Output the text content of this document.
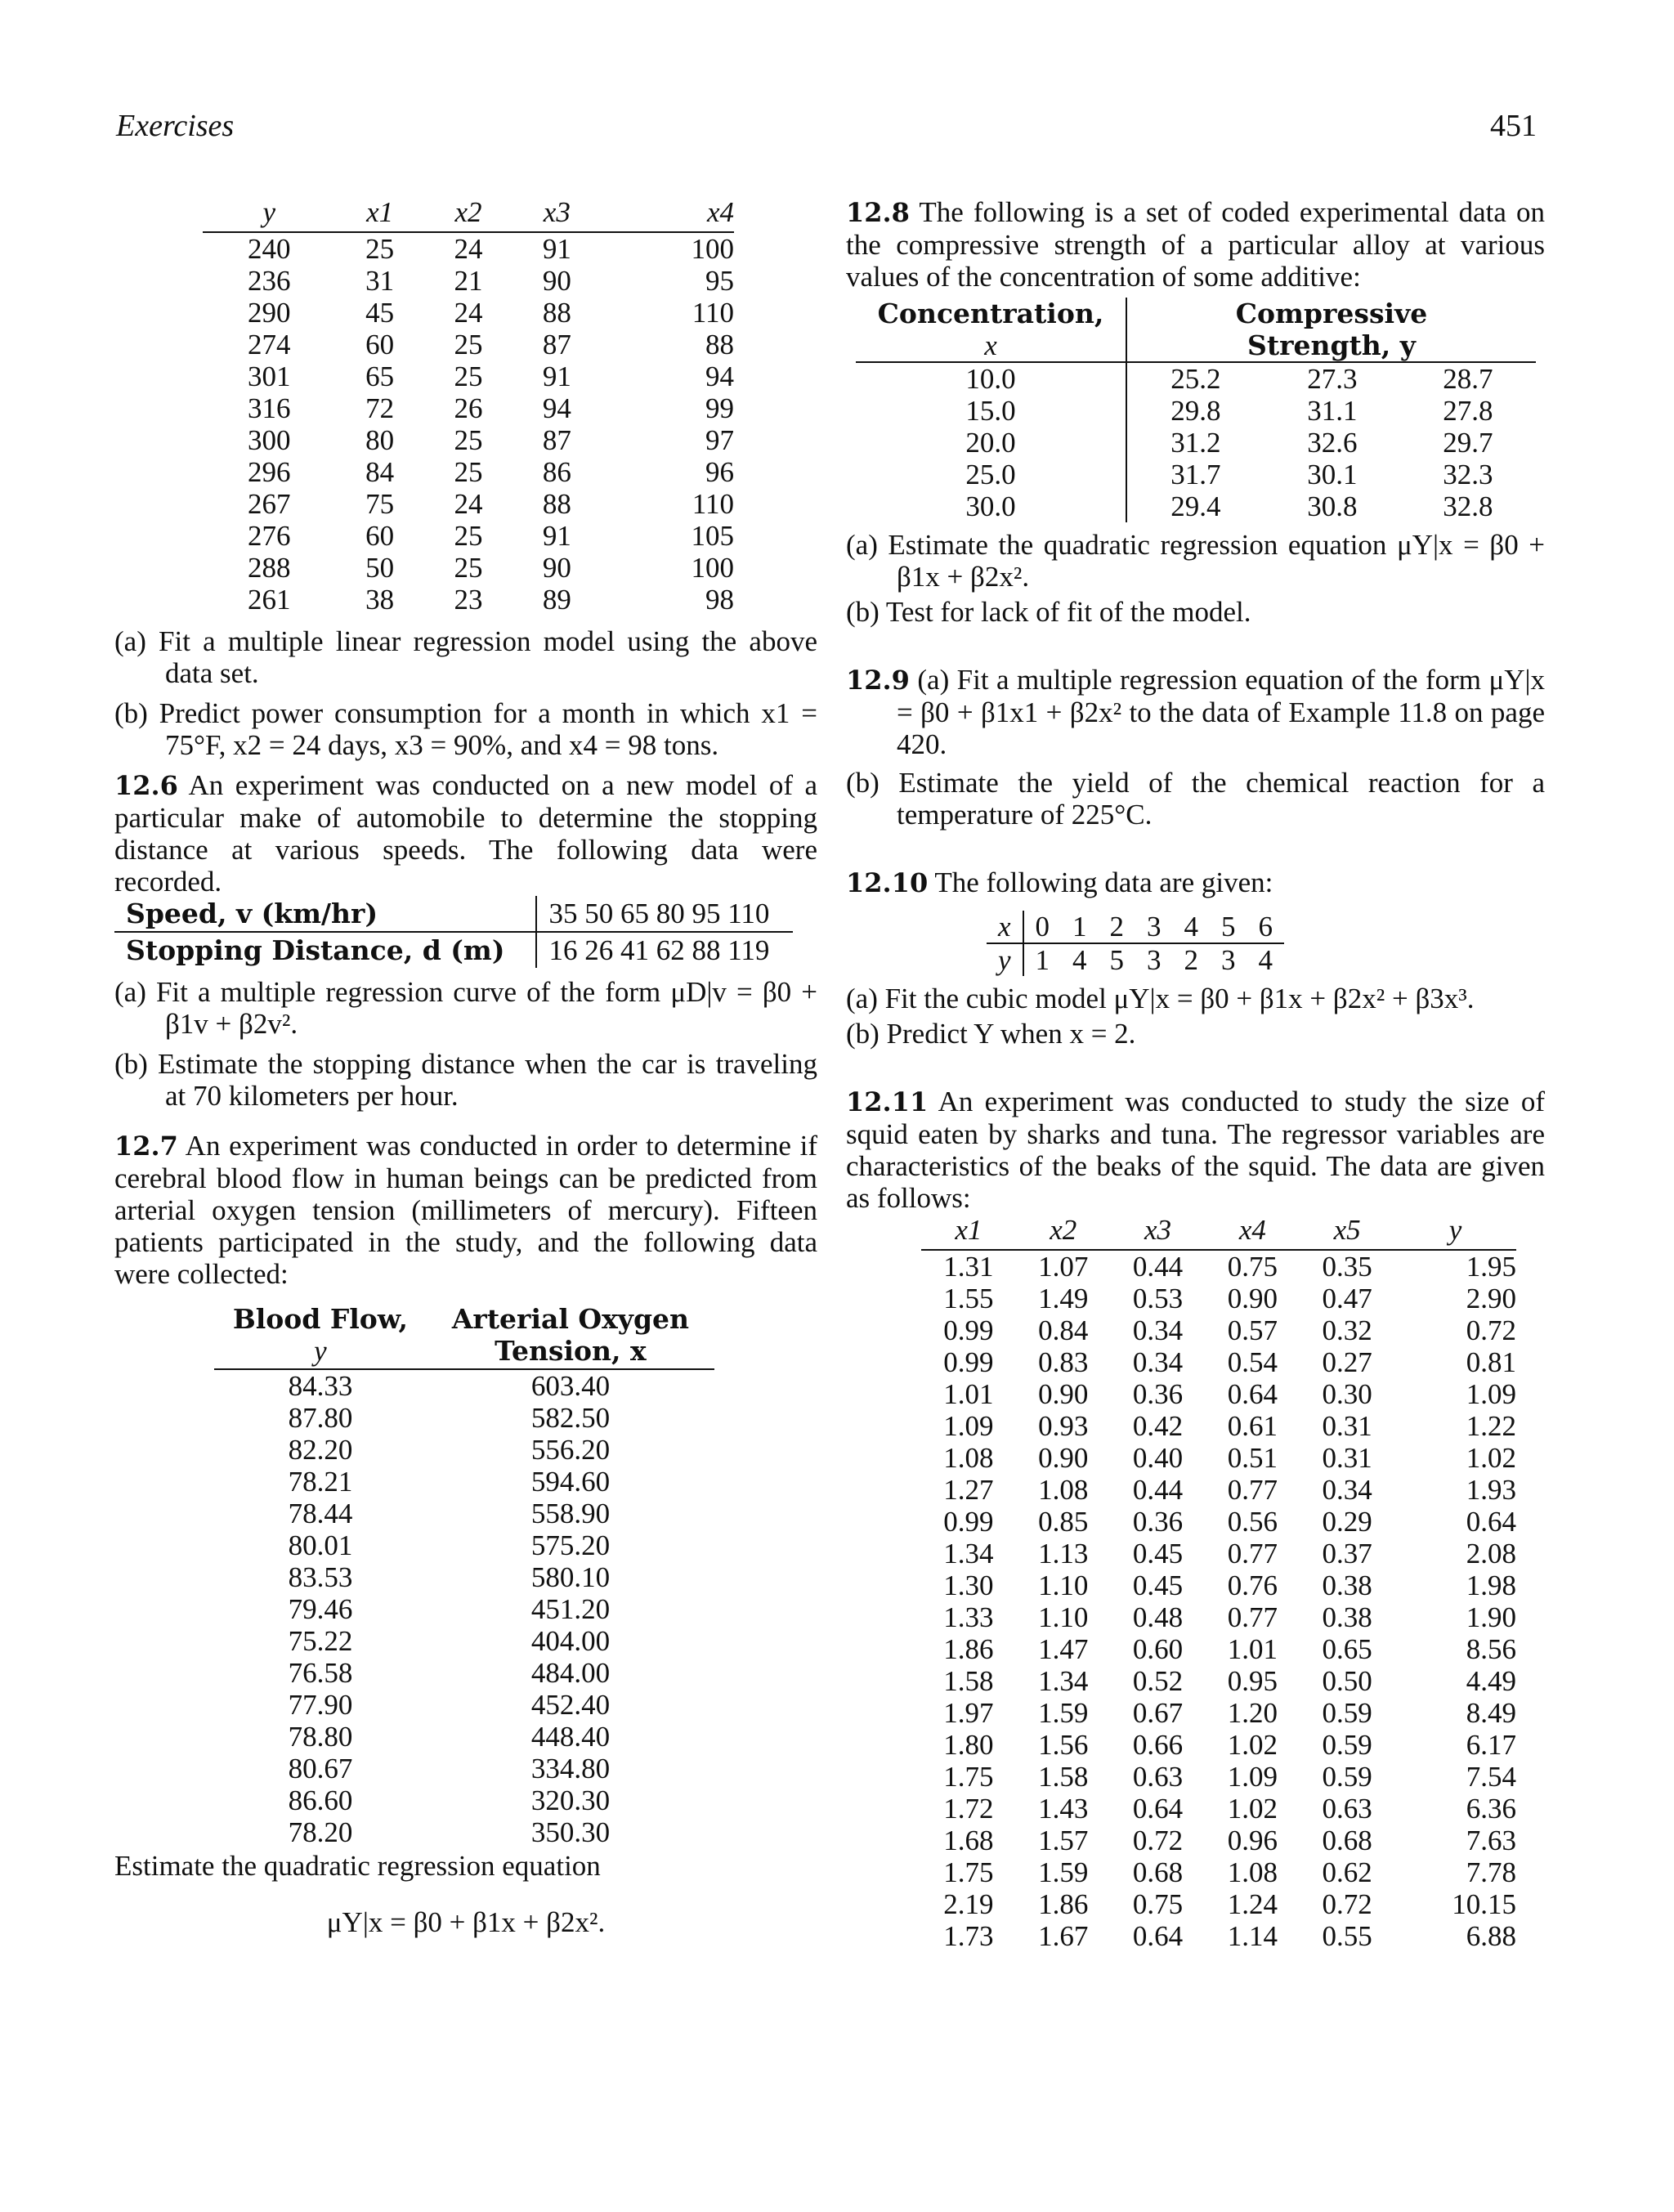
Exercises	451
y	x1	x2	x3	x4
240	25	24	91	100
236	31	21	90	95
290	45	24	88	110
274	60	25	87	88
301	65	25	91	94
316	72	26	94	99
300	80	25	87	97
296	84	25	86	96
267	75	24	88	110
276	60	25	91	105
288	50	25	90	100
261	38	23	89	98

(a) Fit a multiple linear regression model using the above data set.

(b) Predict power consumption for a month in which x1 = 75°F, x2 = 24 days, x3 = 90%, and x4 = 98 tons.

12.6 An experiment was conducted on a new model of a particular make of automobile to determine the stopping distance at various speeds. The following data were recorded.

Speed, v (km/hr)	35 50 65 80 95 110
Stopping Distance, d (m)	16 26 41 62 88 119

(a) Fit a multiple regression curve of the form μD|v = β0 + β1v + β2v².

(b) Estimate the stopping distance when the car is traveling at 70 kilometers per hour.

12.7 An experiment was conducted in order to determine if cerebral blood flow in human beings can be predicted from arterial oxygen tension (millimeters of mercury). Fifteen patients participated in the study, and the following data were collected:

Blood Flow,	Arterial Oxygen
y	Tension, x
84.33	603.40
87.80	582.50
82.20	556.20
78.21	594.60
78.44	558.90
80.01	575.20
83.53	580.10
79.46	451.20
75.22	404.00
76.58	484.00
77.90	452.40
78.80	448.40
80.67	334.80
86.60	320.30
78.20	350.30

Estimate the quadratic regression equation

μY|x = β0 + β1x + β2x².

12.8 The following is a set of coded experimental data on the compressive strength of a particular alloy at various values of the concentration of some additive:

Concentration,	Compressive		
x	Strength, y		
10.0	25.2	27.3	28.7
15.0	29.8	31.1	27.8
20.0	31.2	32.6	29.7
25.0	31.7	30.1	32.3
30.0	29.4	30.8	32.8

(a) Estimate the quadratic regression equation μY|x = β0 + β1x + β2x².

(b) Test for lack of fit of the model.

12.9 (a) Fit a multiple regression equation of the form μY|x = β0 + β1x1 + β2x² to the data of Example 11.8 on page 420.

(b) Estimate the yield of the chemical reaction for a temperature of 225°C.

12.10 The following data are given:

x	0	1	2	3	4	5	6
y	1	4	5	3	2	3	4

(a) Fit the cubic model μY|x = β0 + β1x + β2x² + β3x³.

(b) Predict Y when x = 2.

12.11 An experiment was conducted to study the size of squid eaten by sharks and tuna. The regressor variables are characteristics of the beaks of the squid. The data are given as follows:

x1	x2	x3	x4	x5	y
1.31	1.07	0.44	0.75	0.35	1.95
1.55	1.49	0.53	0.90	0.47	2.90
0.99	0.84	0.34	0.57	0.32	0.72
0.99	0.83	0.34	0.54	0.27	0.81
1.01	0.90	0.36	0.64	0.30	1.09
1.09	0.93	0.42	0.61	0.31	1.22
1.08	0.90	0.40	0.51	0.31	1.02
1.27	1.08	0.44	0.77	0.34	1.93
0.99	0.85	0.36	0.56	0.29	0.64
1.34	1.13	0.45	0.77	0.37	2.08
1.30	1.10	0.45	0.76	0.38	1.98
1.33	1.10	0.48	0.77	0.38	1.90
1.86	1.47	0.60	1.01	0.65	8.56
1.58	1.34	0.52	0.95	0.50	4.49
1.97	1.59	0.67	1.20	0.59	8.49
1.80	1.56	0.66	1.02	0.59	6.17
1.75	1.58	0.63	1.09	0.59	7.54
1.72	1.43	0.64	1.02	0.63	6.36
1.68	1.57	0.72	0.96	0.68	7.63
1.75	1.59	0.68	1.08	0.62	7.78
2.19	1.86	0.75	1.24	0.72	10.15
1.73	1.67	0.64	1.14	0.55	6.88
